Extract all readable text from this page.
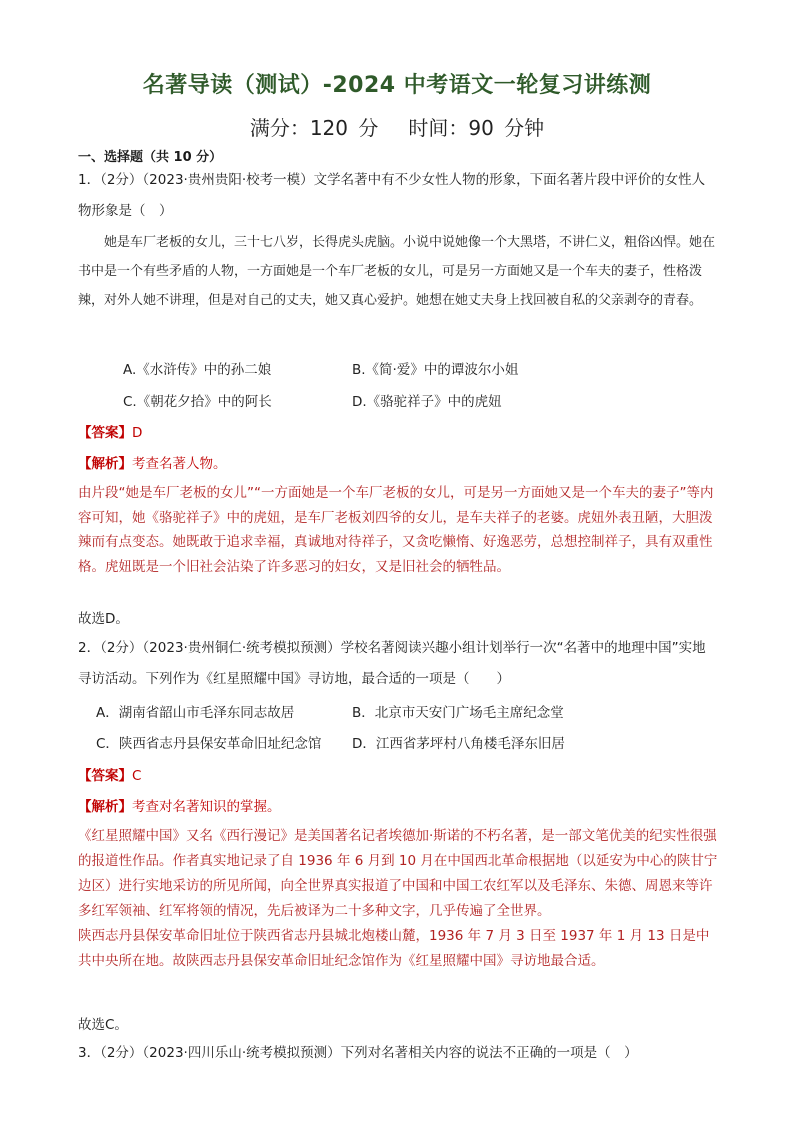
名著导读（测试）-2024 中考语文一轮复习讲练测
满分：120 分 时间：90 分钟
一、选择题（共 10 分）
1．（2分）（2023·贵州贵阳·校考一模）文学名著中有不少女性人物的形象，下面名著片段中评价的女性人
物形象是（　）

她是车厂老板的女儿，三十七八岁，长得虎头虎脑。小说中说她像一个大黑塔，不讲仁义，粗俗凶悍。她在书中是一个有些矛盾的人物，一方面她是一个车厂老板的女儿，可是另一方面她又是一个车夫的妻子，性格泼辣，对外人她不讲理，但是对自己的丈夫，她又真心爱护。她想在她丈夫身上找回被自私的父亲剥夺的青春。

A.《水浒传》中的孙二娘	B.《简·爱》中的谭波尔小姐
C.《朝花夕拾》中的阿长	D.《骆驼祥子》中的虎妞
【答案】D
【解析】考查名著人物。

由片段“她是车厂老板的女儿”“一方面她是一个车厂老板的女儿，可是另一方面她又是一个车夫的妻子”等内容可知，她《骆驼祥子》中的虎妞，是车厂老板刘四爷的女儿，是车夫祥子的老婆。虎妞外表丑陋，大胆泼辣而有点变态。她既敢于追求幸福，真诚地对待祥子，又贪吃懒惰、好逸恶劳，总想控制祥子，具有双重性格。虎妞既是一个旧社会沾染了许多恶习的妇女，又是旧社会的牺牲品。

故选D。
2．（2分）（2023·贵州铜仁·统考模拟预测）学校名著阅读兴趣小组计划举行一次“名著中的地理中国”实地
寻访活动。下列作为《红星照耀中国》寻访地，最合适的一项是（　　）
A．湖南省韶山市毛泽东同志故居	B．北京市天安门广场毛主席纪念堂
C．陕西省志丹县保安革命旧址纪念馆 D．江西省茅坪村八角楼毛泽东旧居
【答案】C
【解析】考查对名著知识的掌握。

《红星照耀中国》又名《西行漫记》是美国著名记者埃德加·斯诺的不朽名著，是一部文笔优美的纪实性很强的报道性作品。作者真实地记录了自 1936 年 6 月到 10 月在中国西北革命根据地（以延安为中心的陕甘宁边区）进行实地采访的所见所闻，向全世界真实报道了中国和中国工农红军以及毛泽东、朱德、周恩来等许多红军领袖、红军将领的情况，先后被译为二十多种文字，几乎传遍了全世界。

陕西志丹县保安革命旧址位于陕西省志丹县城北炮楼山麓，1936 年 7 月 3 日至 1937 年 1 月 13 日是中共中央所在地。故陕西志丹县保安革命旧址纪念馆作为《红星照耀中国》寻访地最合适。

故选C。
3．（2分）（2023·四川乐山·统考模拟预测）下列对名著相关内容的说法不正确的一项是（　）
